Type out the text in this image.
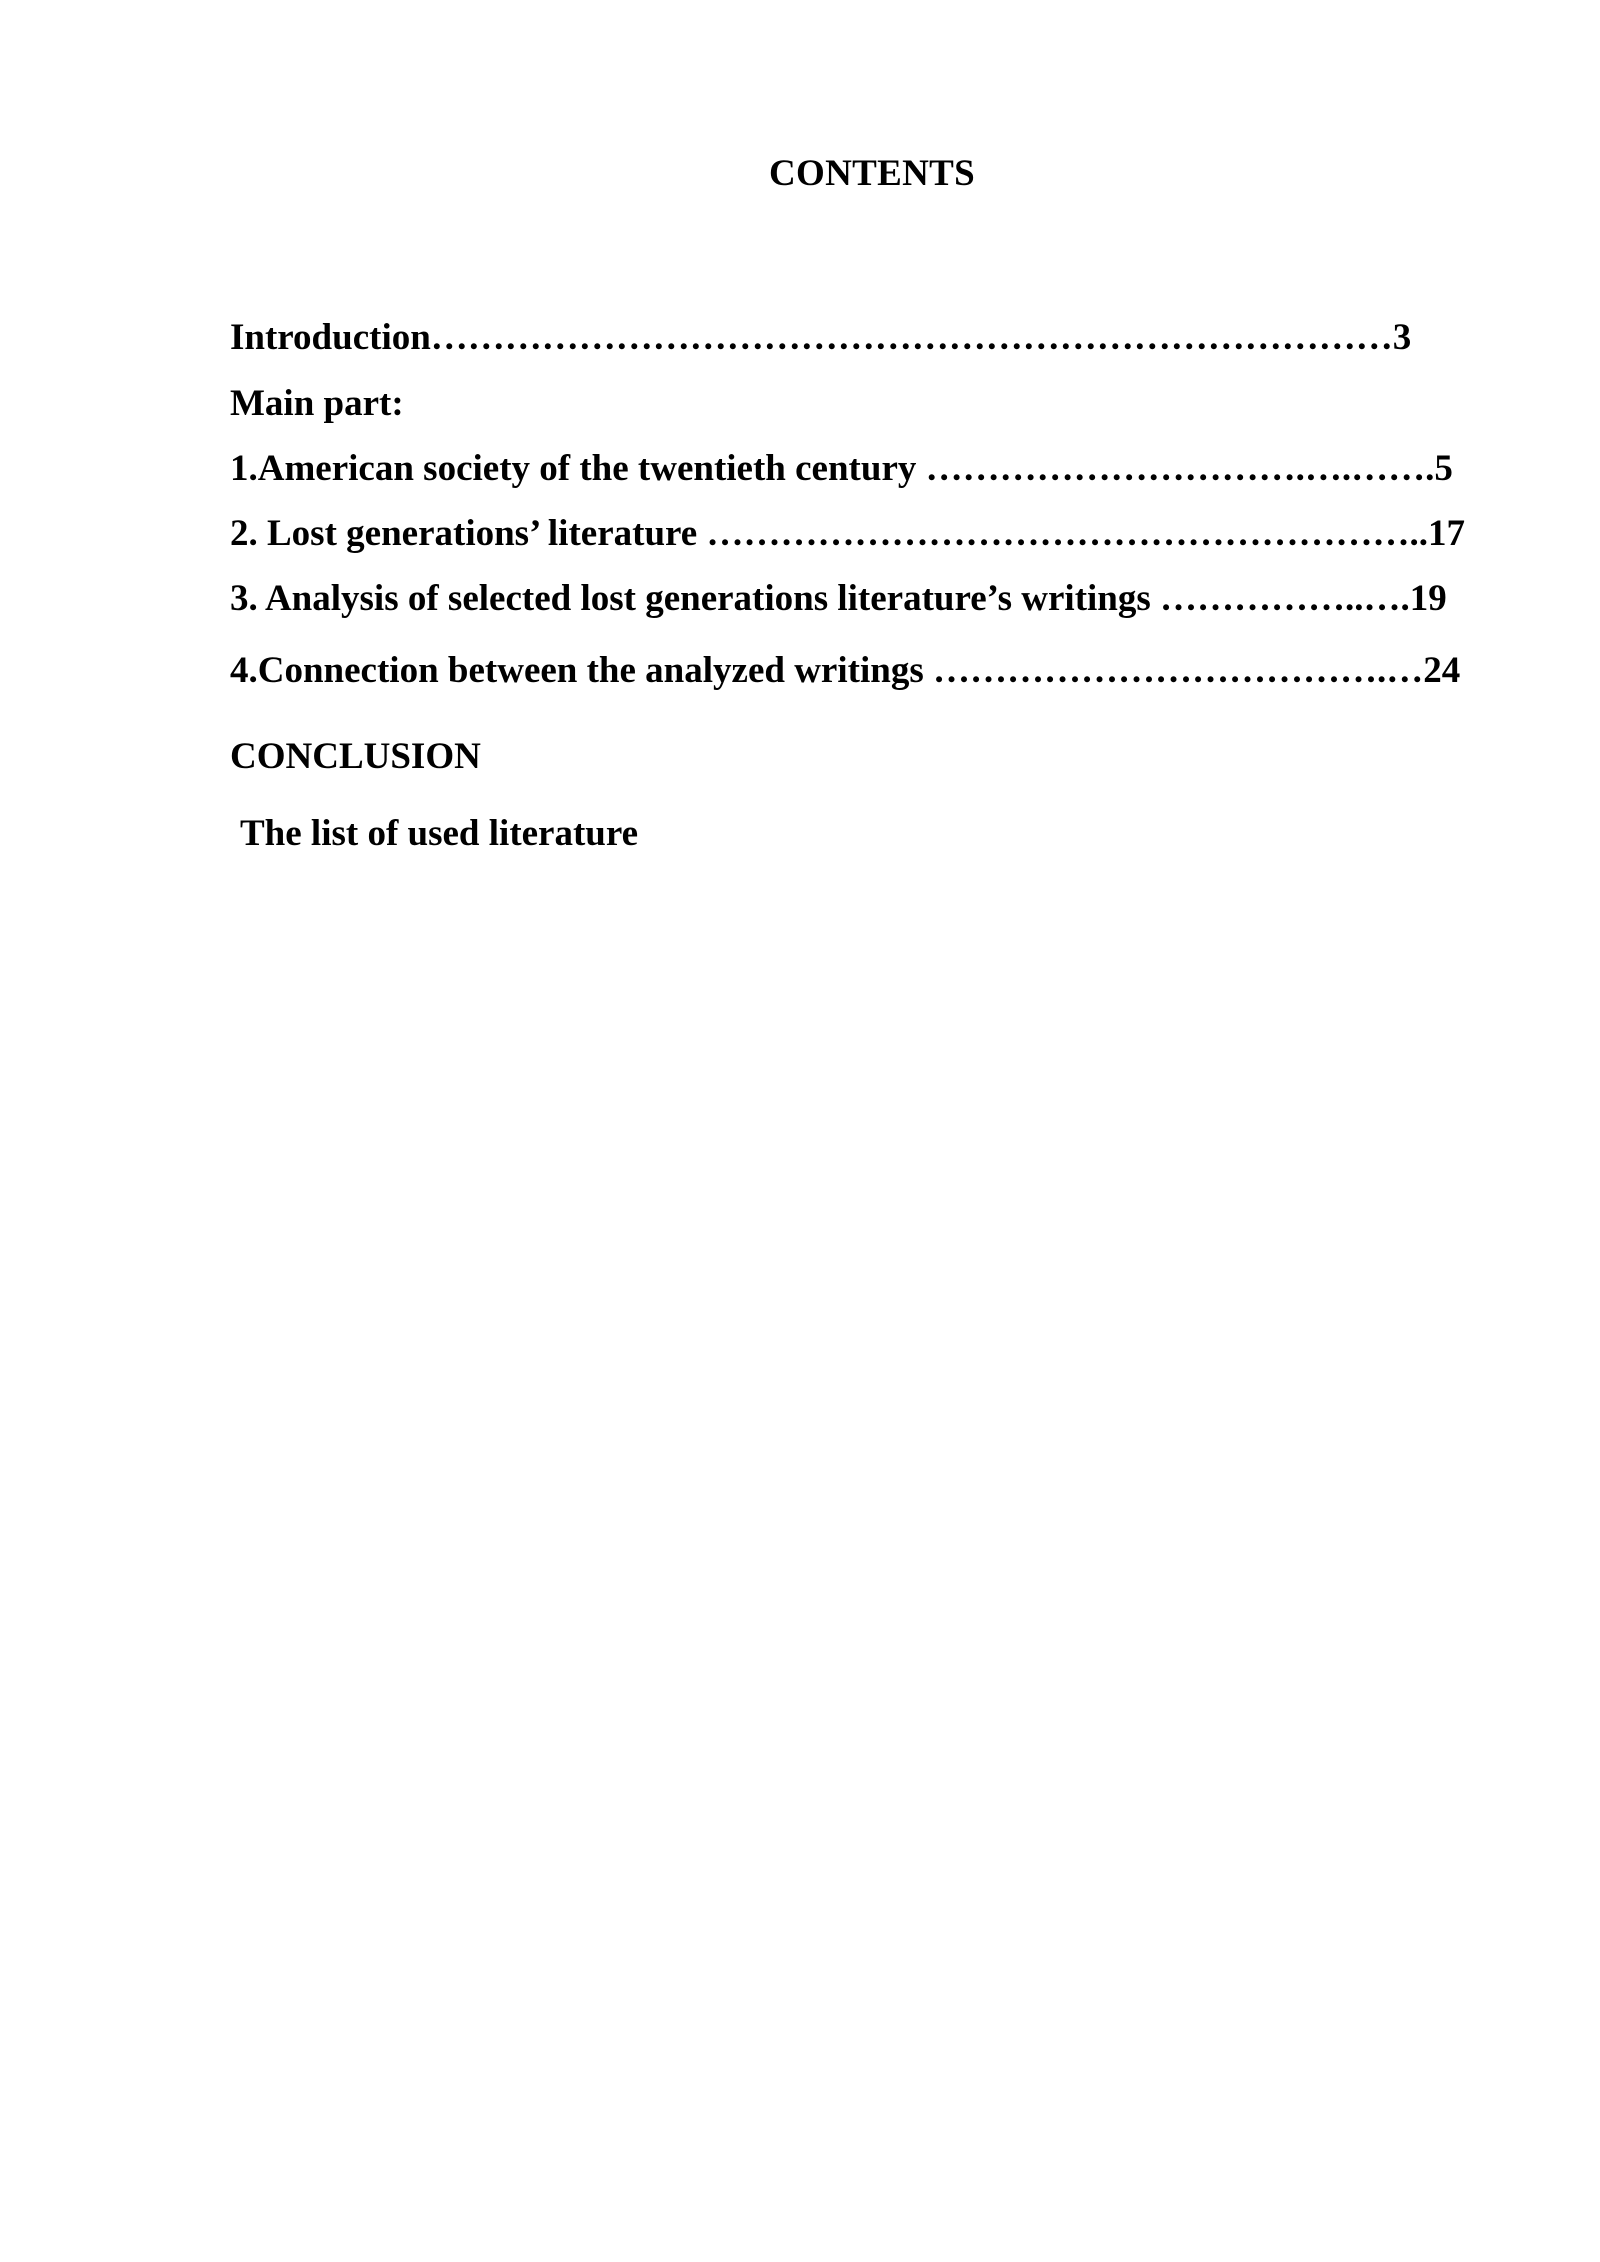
CONTENTS
Introduction……………………………………………………………………3
Main part:
1.American society of the twentieth century ………………………….….…….5
2. Lost generations’ literature …………………………………………………..17
3. Analysis of selected lost generations literature’s writings ……………..….19
4.Connection between the analyzed writings ……………………………….…24
CONCLUSION
The list of used literature
